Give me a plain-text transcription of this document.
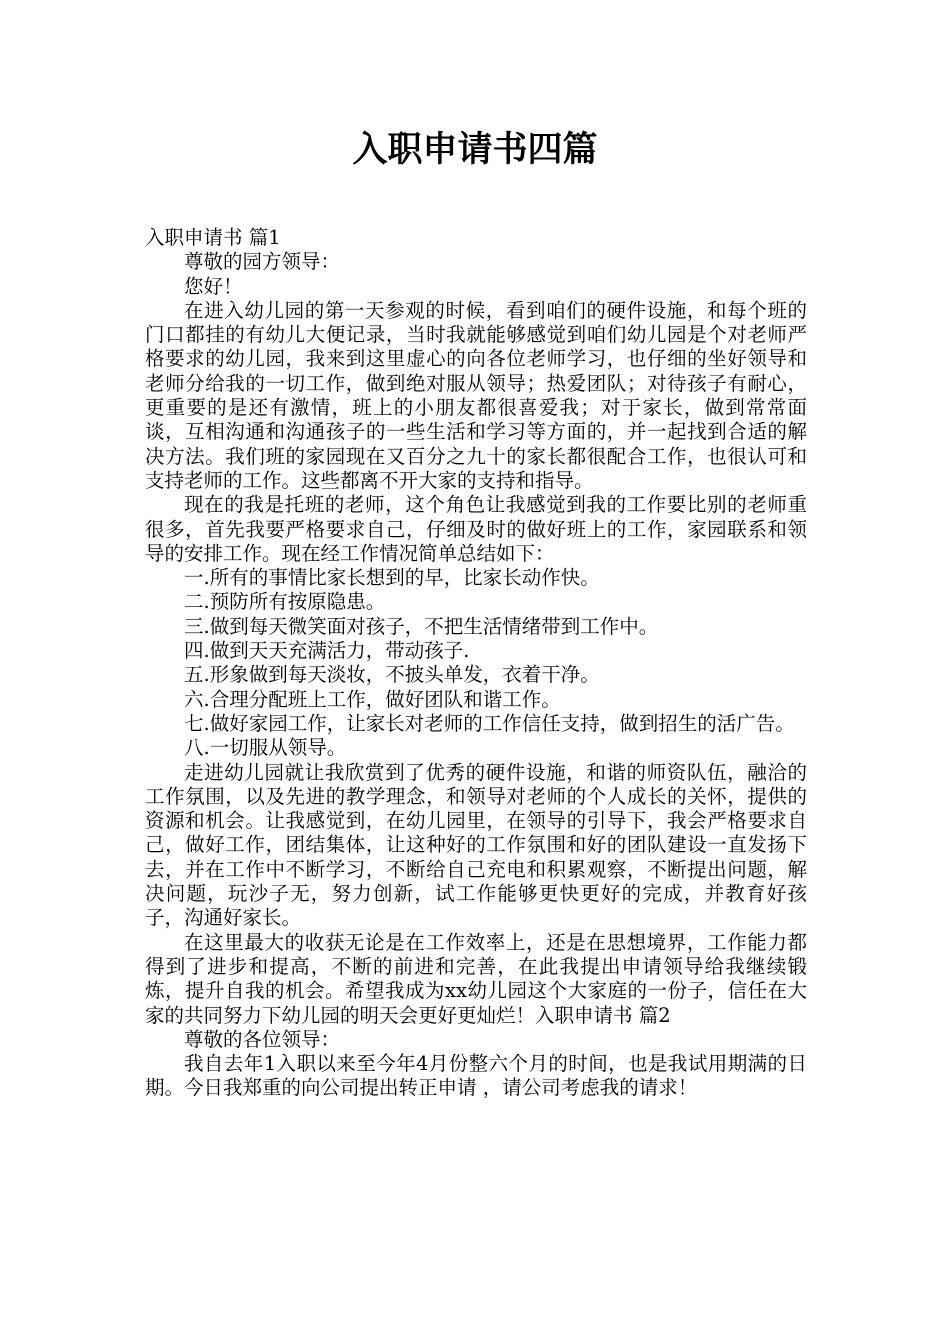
入职申请书四篇

入职申请书 篇1

尊敬的园方领导：

您好！

在进入幼儿园的第一天参观的时候，看到咱们的硬件设施，和每个班的门口都挂的有幼儿大便记录，当时我就能够感觉到咱们幼儿园是个对老师严格要求的幼儿园，我来到这里虚心的向各位老师学习，也仔细的坐好领导和老师分给我的一切工作，做到绝对服从领导；热爱团队；对待孩子有耐心，更重要的是还有激情，班上的小朋友都很喜爱我；对于家长，做到常常面谈，互相沟通和沟通孩子的一些生活和学习等方面的，并一起找到合适的解决方法。我们班的家园现在又百分之九十的家长都很配合工作，也很认可和支持老师的工作。这些都离不开大家的支持和指导。

现在的我是托班的老师，这个角色让我感觉到我的工作要比别的老师重很多，首先我要严格要求自己，仔细及时的做好班上的工作，家园联系和领导的安排工作。现在经工作情况简单总结如下：

一.所有的事情比家长想到的早，比家长动作快。

二.预防所有按原隐患。

三.做到每天微笑面对孩子，不把生活情绪带到工作中。

四.做到天天充满活力，带动孩子.

五.形象做到每天淡妆，不披头单发，衣着干净。

六.合理分配班上工作，做好团队和谐工作。

七.做好家园工作，让家长对老师的工作信任支持，做到招生的活广告。

八.一切服从领导。

走进幼儿园就让我欣赏到了优秀的硬件设施，和谐的师资队伍，融洽的工作氛围，以及先进的教学理念，和领导对老师的个人成长的关怀，提供的资源和机会。让我感觉到，在幼儿园里，在领导的引导下，我会严格要求自己，做好工作，团结集体，让这种好的工作氛围和好的团队建设一直发扬下去，并在工作中不断学习，不断给自己充电和积累观察，不断提出问题，解决问题，玩沙子无，努力创新，试工作能够更快更好的完成，并教育好孩子，沟通好家长。

在这里最大的收获无论是在工作效率上，还是在思想境界，工作能力都得到了进步和提高，不断的前进和完善，在此我提出申请领导给我继续锻炼，提升自我的机会。希望我成为xx幼儿园这个大家庭的一份子，信任在大家的共同努力下幼儿园的明天会更好更灿烂！入职申请书 篇2

尊敬的各位领导：

我自去年1入职以来至今年4月份整六个月的时间，也是我试用期满的日期。今日我郑重的向公司提出转正申请 ，请公司考虑我的请求！
